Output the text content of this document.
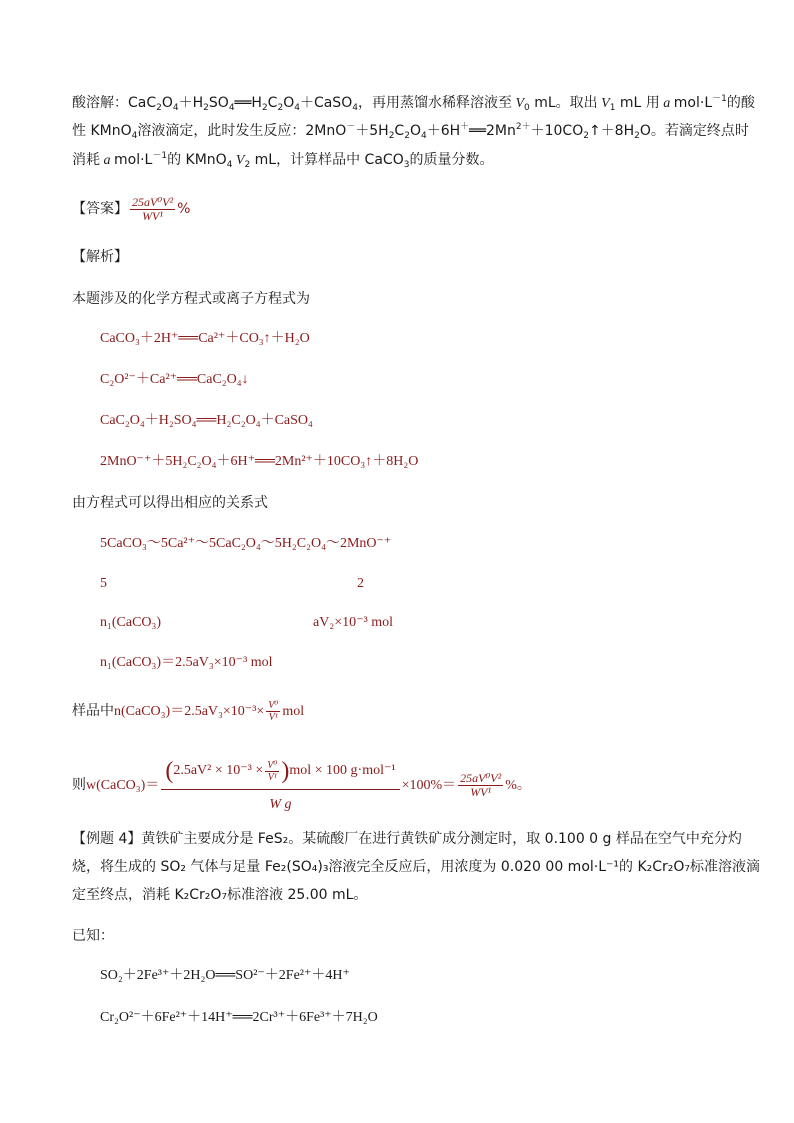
酸溶解：$CaC_2O_4+H_2SO_4══H_2C_2O_4+CaSO_4$，再用蒸馏水稀释溶液至 $V_0$ mL。取出 $V_1$ mL 用 a $mol\cdot L^{-1}$的酸
性 KMnO$_4$溶液滴定，此时发生反应：$2MnO^-+5H_2C_2O_4+6H^+══2Mn^{2+}+10CO_2↑+8H_2O$。若滴定终点时
消耗 a $mol\cdot L^{-1}$的 KMnO$_4$ $V_2$ mL，计算样品中 CaCO$_3$的质量分数。
【答案】 $\frac{\text{25aV⁰V²}}{\text{WV¹}}$ %
【解析】
本题涉及的化学方程式或离子方程式为
CaCO₃＋2H⁺══Ca²⁺＋CO₃↑＋H₂O
C₂O²⁻＋Ca²⁺══CaC₂O₄↓
CaC₂O₄＋H₂SO₄══H₂C₂O₄＋CaSO₄
2MnO⁻⁺＋5H₂C₂O₄＋6H⁺══2Mn²⁺＋10CO₃↑＋8H₂O
由方程式可以得出相应的关系式
5CaCO₃～5Ca²⁺～5CaC₂O₄～5H₂C₂O₄～2MnO⁻⁺
5	2
n₁(CaCO₃)	aV₂×10⁻³ mol
n₁(CaCO₃)＝2.5aV₃×10⁻³ mol
样品中n(CaCO₃)＝2.5aV₃×10⁻³× $\frac{\text{V⁰}}{\text{V¹}}$ mol
则w(CaCO₃)＝
$(2.5aV^2 \times 10^{-3} \times \frac{\text{V⁰}}{\text{V¹}} )mol \times 100$ g·mol⁻¹
W g
$\times 100\%= \frac{\text{25aV⁰V²}}{\text{WV¹}}$ %。
【例题 4】黄铁矿主要成分是 FeS₂。某硫酸厂在进行黄铁矿成分测定时，取 0.100 0 g 样品在空气中充分灼
烧，将生成的 SO₂ 气体与足量 Fe₂(SO₄)₃溶液完全反应后，用浓度为 0.020 00 mol·L⁻¹的 K₂Cr₂O₇标准溶液滴
定至终点，消耗 K₂Cr₂O₇标准溶液 25.00 mL。
已知：
SO₂＋2Fe³⁺＋2H₂O══SO²⁻＋2Fe²⁺＋4H⁺
Cr₂O²⁻＋6Fe²⁺＋14H⁺══2Cr³⁺＋6Fe³⁺＋7H₂O
